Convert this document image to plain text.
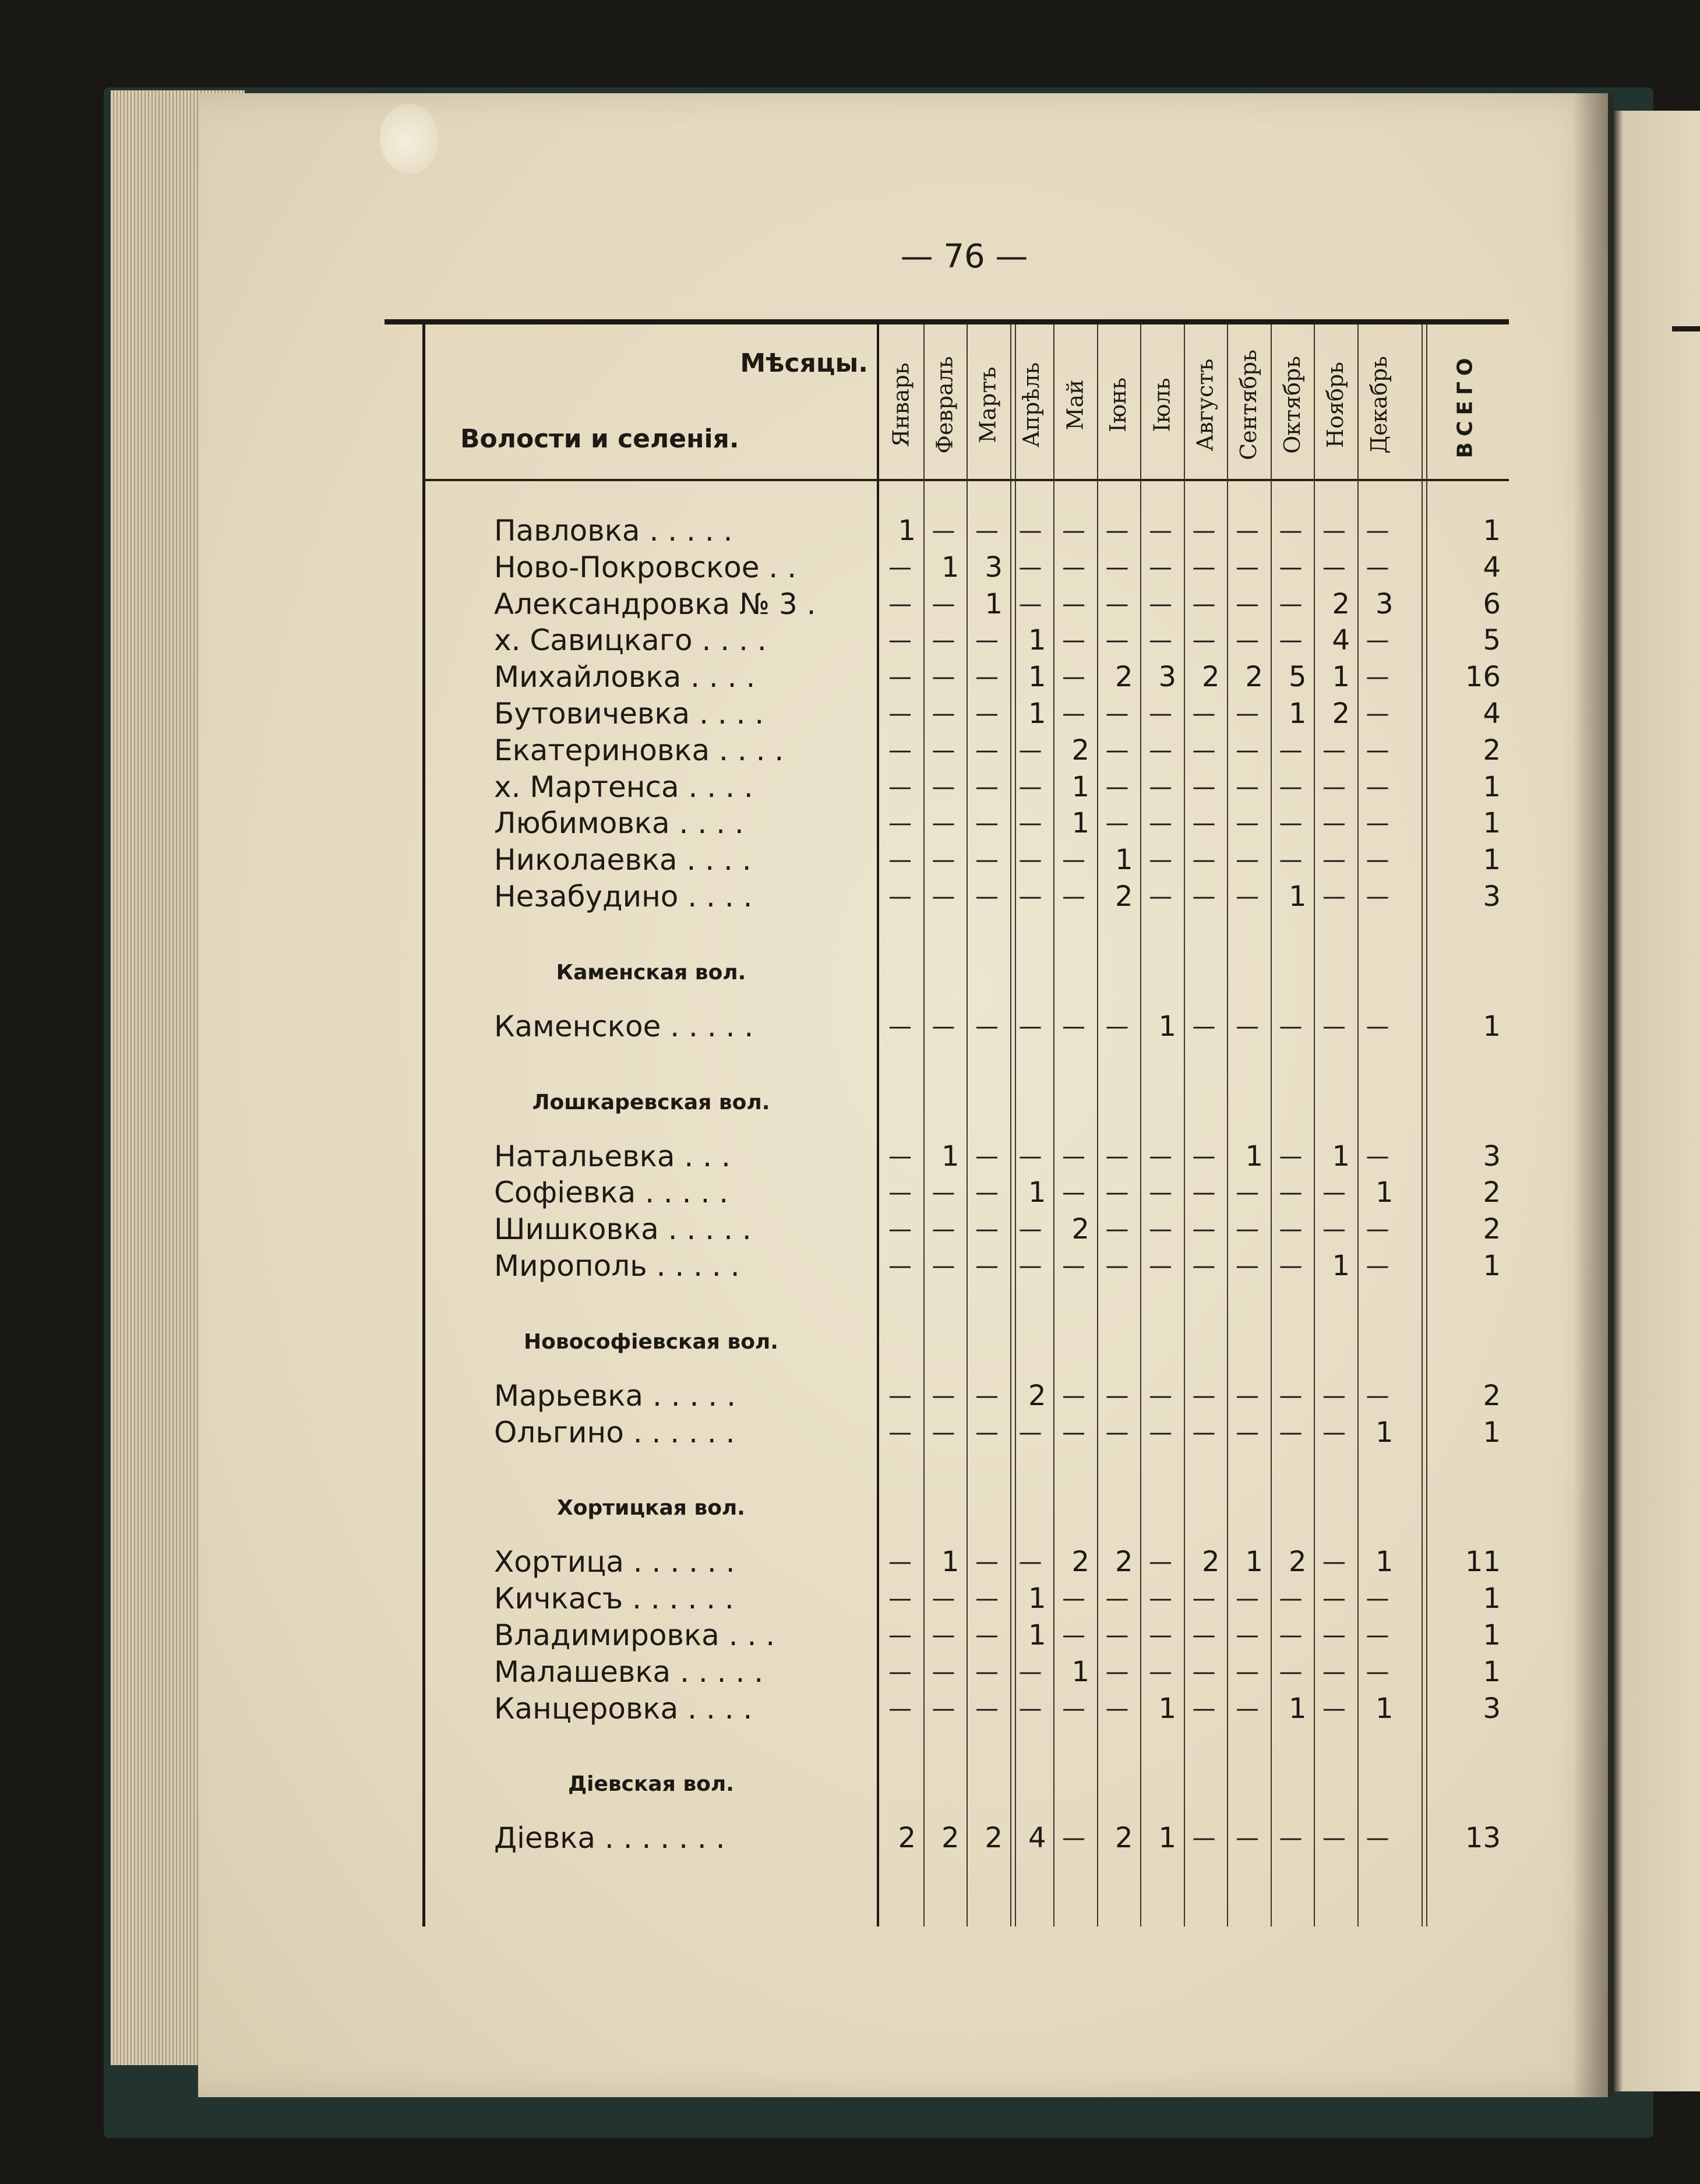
— 76 —
Мѣсяцы.
Волости и селенія.	Январь Февраль Мартъ Апрѣль Май Іюнь Іюль Августъ Сентябрь Октябрь Ноябрь Декабрь	ВСЕГО
Павловка . . . . .	1 — — — — — — — — — — —	1
Ново-Покровское . .	—	1 3 — — — — — — — — —	4
Александровка № 3 .	— —	1 — — — — — — —	2 3	6
х. Савицкаго . . . .	— — —	1 — — — — — —	4 —	5
Михайловка . . . .	— — —	1 —	2 3 2 2 5 1 —	16
Бутовичевка . . . .	— — —	1 — — — — —	1 2 —	4
Екатериновка . . . .	— — — —	2 — — — — — — —	2
х. Мартенса . . . .	— — — —	1 — — — — — — —	1
Любимовка . . . .	— — — —	1 — — — — — — —	1
Николаевка . . . .	— — — — —	1 — — — — — —	1
Незабудино . . . .	— — — — —	2 — — —	1 — —	3
Каменская вол.
Каменское . . . . .	— — — — — —	1 — — — — —	1
Лошкаревская вол.
Натальевка . . .	—	1 — — — — — —	1 —	1 —	3
Софіевка . . . . .	— — —	1 — — — — — — —	1	2
Шишковка . . . . .	— — — —	2 — — — — — — —	2
Мирополь . . . . .	— — — — — — — — — —	1 —	1
Новософіевская вол.
Марьевка . . . . .	— — —	2 — — — — — — — —	2
Ольгино . . . . . .	— — — — — — — — — — —	1	1
Хортицкая вол.
Хортица . . . . . .	—	1 — —	2 2 —	2 1 2 —	1	11
Кичкасъ . . . . . .	— — —	1 — — — — — — — —	1
Владимировка . . .	— — —	1 — — — — — — — —	1
Малашевка . . . . .	— — — —	1 — — — — — — —	1
Канцеровка . . . .	— — — — — —	1 — —	1 —	1	3
Діевская вол.
Діевка . . . . . . .	2 2 2 4 —	2 1 — — — — —	13
